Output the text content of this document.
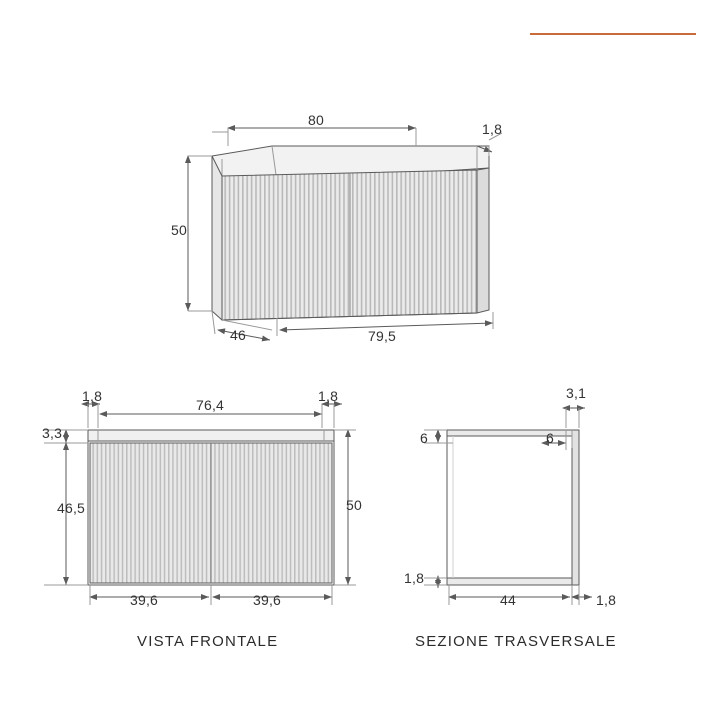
80
1,8
50
46	79,5
1,8
76,4
1,8
3,3
46,5	50
39,6	39,6
3,1
6	6
1,8
44	1,8
VISTA FRONTALE	SEZIONE TRASVERSALE
